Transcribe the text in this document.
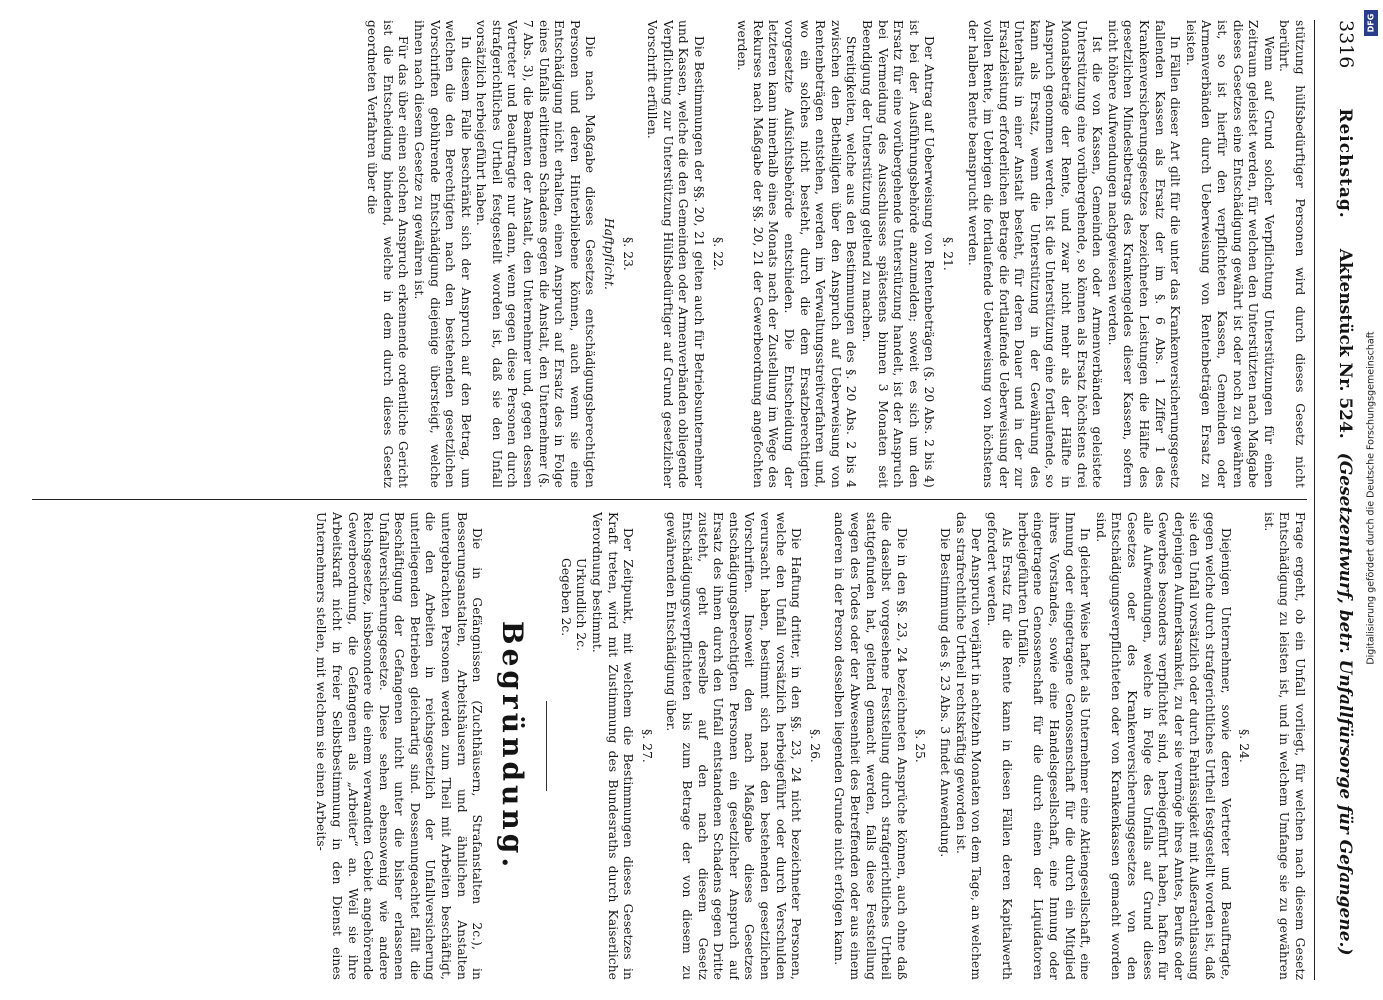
3316
Reichstag.
Aktenstück Nr. 524.
(Gesetzentwurf, betr. Unfallfürsorge für Gefangene.)

stützung hülfsbedürftiger Personen wird durch dieses Gesetz nicht berührt.

Wenn auf Grund solcher Verpflichtung Unterstützungen für einen Zeitraum geleistet werden, für welchen den Unterstützten nach Maßgabe dieses Gesetzes eine Entschädigung gewährt ist oder noch zu gewähren ist, so ist hierfür den verpflichteten Kassen, Gemeinden oder Armenverbänden durch Ueberweisung von Rentenbeträgen Ersatz zu leisten.

In Fällen dieser Art gilt für die unter das Krankenversicherungsgesetz fallenden Kassen als Ersatz der im §. 6 Abs. 1 Ziffer 1 des Krankenversicherungsgesetzes bezeichneten Leistungen die Hälfte des gesetzlichen Mindestbetrags des Krankengeldes dieser Kassen, sofern nicht höhere Aufwendungen nachgewiesen werden.

Ist die von Kassen, Gemeinden oder Armenverbänden geleistete Unterstützung eine vorübergehende, so können als Ersatz höchstens drei Monatsbeträge der Rente, und zwar nicht mehr als der Hälfte in Anspruch genommen werden. Ist die Unterstützung eine fortlaufende, so kann als Ersatz, wenn die Unterstützung in der Gewährung des Unterhalts in einer Anstalt besteht, für deren Dauer und in der zur Ersatzleistung erforderlichen Betrage die fortlaufende Ueberweisung der vollen Rente, im Uebrigen die fortlaufende Ueberweisung von höchstens der halben Rente beansprucht werden.

§. 21.

Der Antrag auf Ueberweisung von Rentenbeträgen (§. 20 Abs. 2 bis 4) ist bei der Ausführungsbehörde anzumelden; soweit es sich um den Ersatz für eine vorübergehende Unterstützung handelt, ist der Anspruch bei Vermeidung des Ausschlusses spätestens binnen 3 Monaten seit Beendigung der Unterstützung geltend zu machen.

Streitigkeiten, welche aus den Bestimmungen des §. 20 Abs. 2 bis 4 zwischen den Betheiligten über den Anspruch auf Ueberweisung von Rentenbeträgen entstehen, werden im Verwaltungsstreitverfahren und, wo ein solches nicht besteht, durch die dem Ersatzberechtigten vorgesetzte Aufsichtsbehörde entschieden. Die Entscheidung der letzteren kann innerhalb eines Monats nach der Zustellung im Wege des Rekurses nach Maßgabe der §§. 20, 21 der Gewerbeordnung angefochten werden.

§. 22.

Die Bestimmungen der §§. 20, 21 gelten auch für Betriebsunternehmer und Kassen, welche die den Gemeinden oder Armenverbänden obliegende Verpflichtung zur Unterstützung Hülfsbedürftiger auf Grund gesetzlicher Vorschrift erfüllen.

§. 23.
Haftpflicht.

Die nach Maßgabe dieses Gesetzes entschädigungsberechtigten Personen und deren Hinterbliebene können, auch wenn sie eine Entschädigung nicht erhalten, einen Anspruch auf Ersatz des in Folge eines Unfalls erlittenen Schadens gegen die Anstalt, den Unternehmer (§. 7 Abs. 3), die Beamten der Anstalt, den Unternehmer und, gegen dessen Vertreter und Beauftragte nur dann, wenn gegen diese Personen durch strafgerichtliches Urtheil festgestellt worden ist, daß sie den Unfall vorsätzlich herbeigeführt haben.

In diesem Falle beschränkt sich der Anspruch auf den Betrag, um welchen die den Berechtigten nach den bestehenden gesetzlichen Vorschriften gebührende Entschädigung diejenige übersteigt, welche ihnen nach diesem Gesetze zu gewähren ist.

Für das über einen solchen Anspruch erkennende ordentliche Gericht ist die Entscheidung bindend, welche in dem durch dieses Gesetz geordneten Verfahren über die

Frage ergeht, ob ein Unfall vorliegt, für welchen nach diesem Gesetz Entschädigung zu leisten ist, und in welchem Umfange sie zu gewähren ist.

§. 24.

Diejenigen Unternehmer, sowie deren Vertreter und Beauftragte, gegen welche durch strafgerichtliches Urtheil festgestellt worden ist, daß sie den Unfall vorsätzlich oder durch Fahrlässigkeit mit Außerachtlassung derjenigen Aufmerksamkeit, zu der sie vermöge ihres Amtes, Berufs oder Gewerbes besonders verpflichtet sind, herbeigeführt haben, haften für alle Aufwendungen, welche in Folge des Unfalls auf Grund dieses Gesetzes oder des Krankenversicherungsgesetzes von den Entschädigungsverpflichteten oder von Krankenkassen gemacht worden sind.

In gleicher Weise haftet als Unternehmer eine Aktiengesellschaft, eine Innung oder eingetragene Genossenschaft für die durch ein Mitglied ihres Vorstandes, sowie eine Handelsgesellschaft, eine Innung oder eingetragene Genossenschaft für die durch einen der Liquidatoren herbeigeführten Unfälle.

Als Ersatz für die Rente kann in diesen Fällen deren Kapitalwerth gefordert werden.

Der Anspruch verjährt in achtzehn Monaten von dem Tage, an welchem das strafrechtliche Urtheil rechtskräftig geworden ist.

Die Bestimmung des §. 23 Abs. 3 findet Anwendung.

§. 25.

Die in den §§. 23, 24 bezeichneten Ansprüche können, auch ohne daß die daselbst vorgesehene Feststellung durch strafgerichtliches Urtheil stattgefunden hat, geltend gemacht werden, falls diese Feststellung wegen des Todes oder der Abwesenheit des Betreffenden oder aus einem anderen in der Person desselben liegenden Grunde nicht erfolgen kann.

§. 26.

Die Haftung dritter, in den §§. 23, 24 nicht bezeichneter Personen, welche den Unfall vorsätzlich herbeigeführt oder durch Verschulden verursacht haben, bestimmt sich nach den bestehenden gesetzlichen Vorschriften. Insoweit den nach Maßgabe dieses Gesetzes entschädigungsberechtigten Personen ein gesetzlicher Anspruch auf Ersatz des ihnen durch den Unfall entstandenen Schadens gegen Dritte zusteht, geht derselbe auf den nach diesem Gesetz Entschädigungsverpflichteten bis zum Betrage der von diesem zu gewährenden Entschädigung über.

§. 27.

Der Zeitpunkt, mit welchem die Bestimmungen dieses Gesetzes in Kraft treten, wird mit Zustimmung des Bundesraths durch Kaiserliche Verordnung bestimmt.

Urkundlich 2c.

Gegeben 2c.

Begründung.

Die in Gefängnissen (Zuchthäusern, Strafanstalten 2c.), in Besserungsanstalten, Arbeitshäusern und ähnlichen Anstalten untergebrachten Personen werden zum Theil mit Arbeiten beschäftigt, die den Arbeiten in reichsgesetzlich der Unfallversicherung unterliegenden Betrieben gleichartig sind. Dessenungeachtet fällt die Beschäftigung der Gefangenen nicht unter die bisher erlassenen Unfallversicherungsgesetze. Diese sehen ebensowenig wie andere Reichsgesetze, insbesondere die einem verwandten Gebiet angehörende Gewerbeordnung, die Gefangenen als „Arbeiter“ an. Weil sie ihre Arbeitskraft nicht in freier Selbstbestimmung in den Dienst eines Unternehmers stellen, mit welchem sie einen Arbeits-

Digitalisierung gefördert durch die Deutsche Forschungsgemeinschaft
DFG
